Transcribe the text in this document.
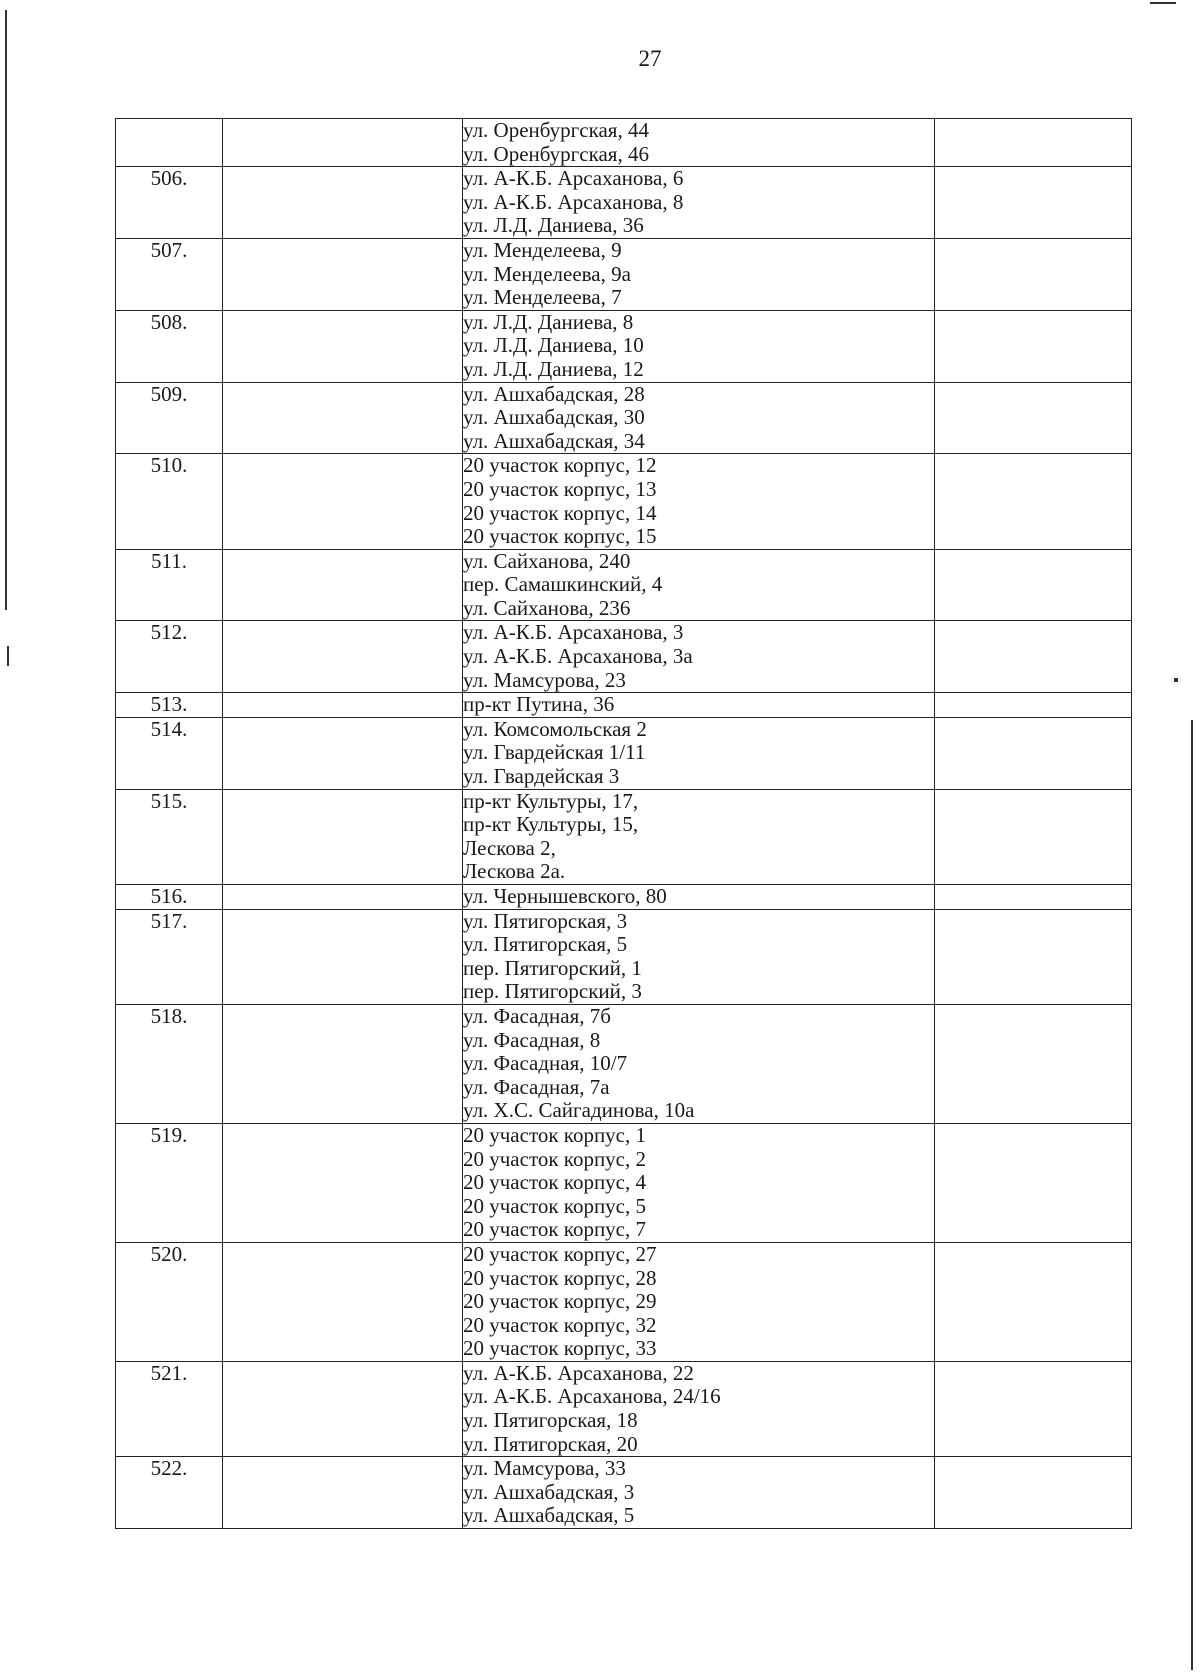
27

		ул. Оренбургская, 44
ул. Оренбургская, 46	

506.		ул. А-К.Б. Арсаханова, 6
ул. А-К.Б. Арсаханова, 8
ул. Л.Д. Даниева, 36	

507.		ул. Менделеева, 9
ул. Менделеева, 9а
ул. Менделеева, 7	

508.		ул. Л.Д. Даниева, 8
ул. Л.Д. Даниева, 10
ул. Л.Д. Даниева, 12	

509.		ул. Ашхабадская, 28
ул. Ашхабадская, 30
ул. Ашхабадская, 34	

510.		20 участок корпус, 12
20 участок корпус, 13
20 участок корпус, 14
20 участок корпус, 15	

511.		ул. Сайханова, 240
пер. Самашкинский, 4
ул. Сайханова, 236	

512.		ул. А-К.Б. Арсаханова, 3
ул. А-К.Б. Арсаханова, 3а
ул. Мамсурова, 23	

513.		пр-кт Путина, 36	

514.		ул. Комсомольская 2
ул. Гвардейская 1/11
ул. Гвардейская 3	

515.		пр-кт Культуры, 17,
пр-кт Культуры, 15,
Лескова 2,
Лескова 2а.	

516.		ул. Чернышевского, 80	

517.		ул. Пятигорская, 3
ул. Пятигорская, 5
пер. Пятигорский, 1
пер. Пятигорский, 3	

518.		ул. Фасадная, 7б
ул. Фасадная, 8
ул. Фасадная, 10/7
ул. Фасадная, 7а
ул. Х.С. Сайгадинова, 10а	

519.		20 участок корпус, 1
20 участок корпус, 2
20 участок корпус, 4
20 участок корпус, 5
20 участок корпус, 7	

520.		20 участок корпус, 27
20 участок корпус, 28
20 участок корпус, 29
20 участок корпус, 32
20 участок корпус, 33	

521.		ул. А-К.Б. Арсаханова, 22
ул. А-К.Б. Арсаханова, 24/16
ул. Пятигорская, 18
ул. Пятигорская, 20	

522.		ул. Мамсурова, 33
ул. Ашхабадская, 3
ул. Ашхабадская, 5	
